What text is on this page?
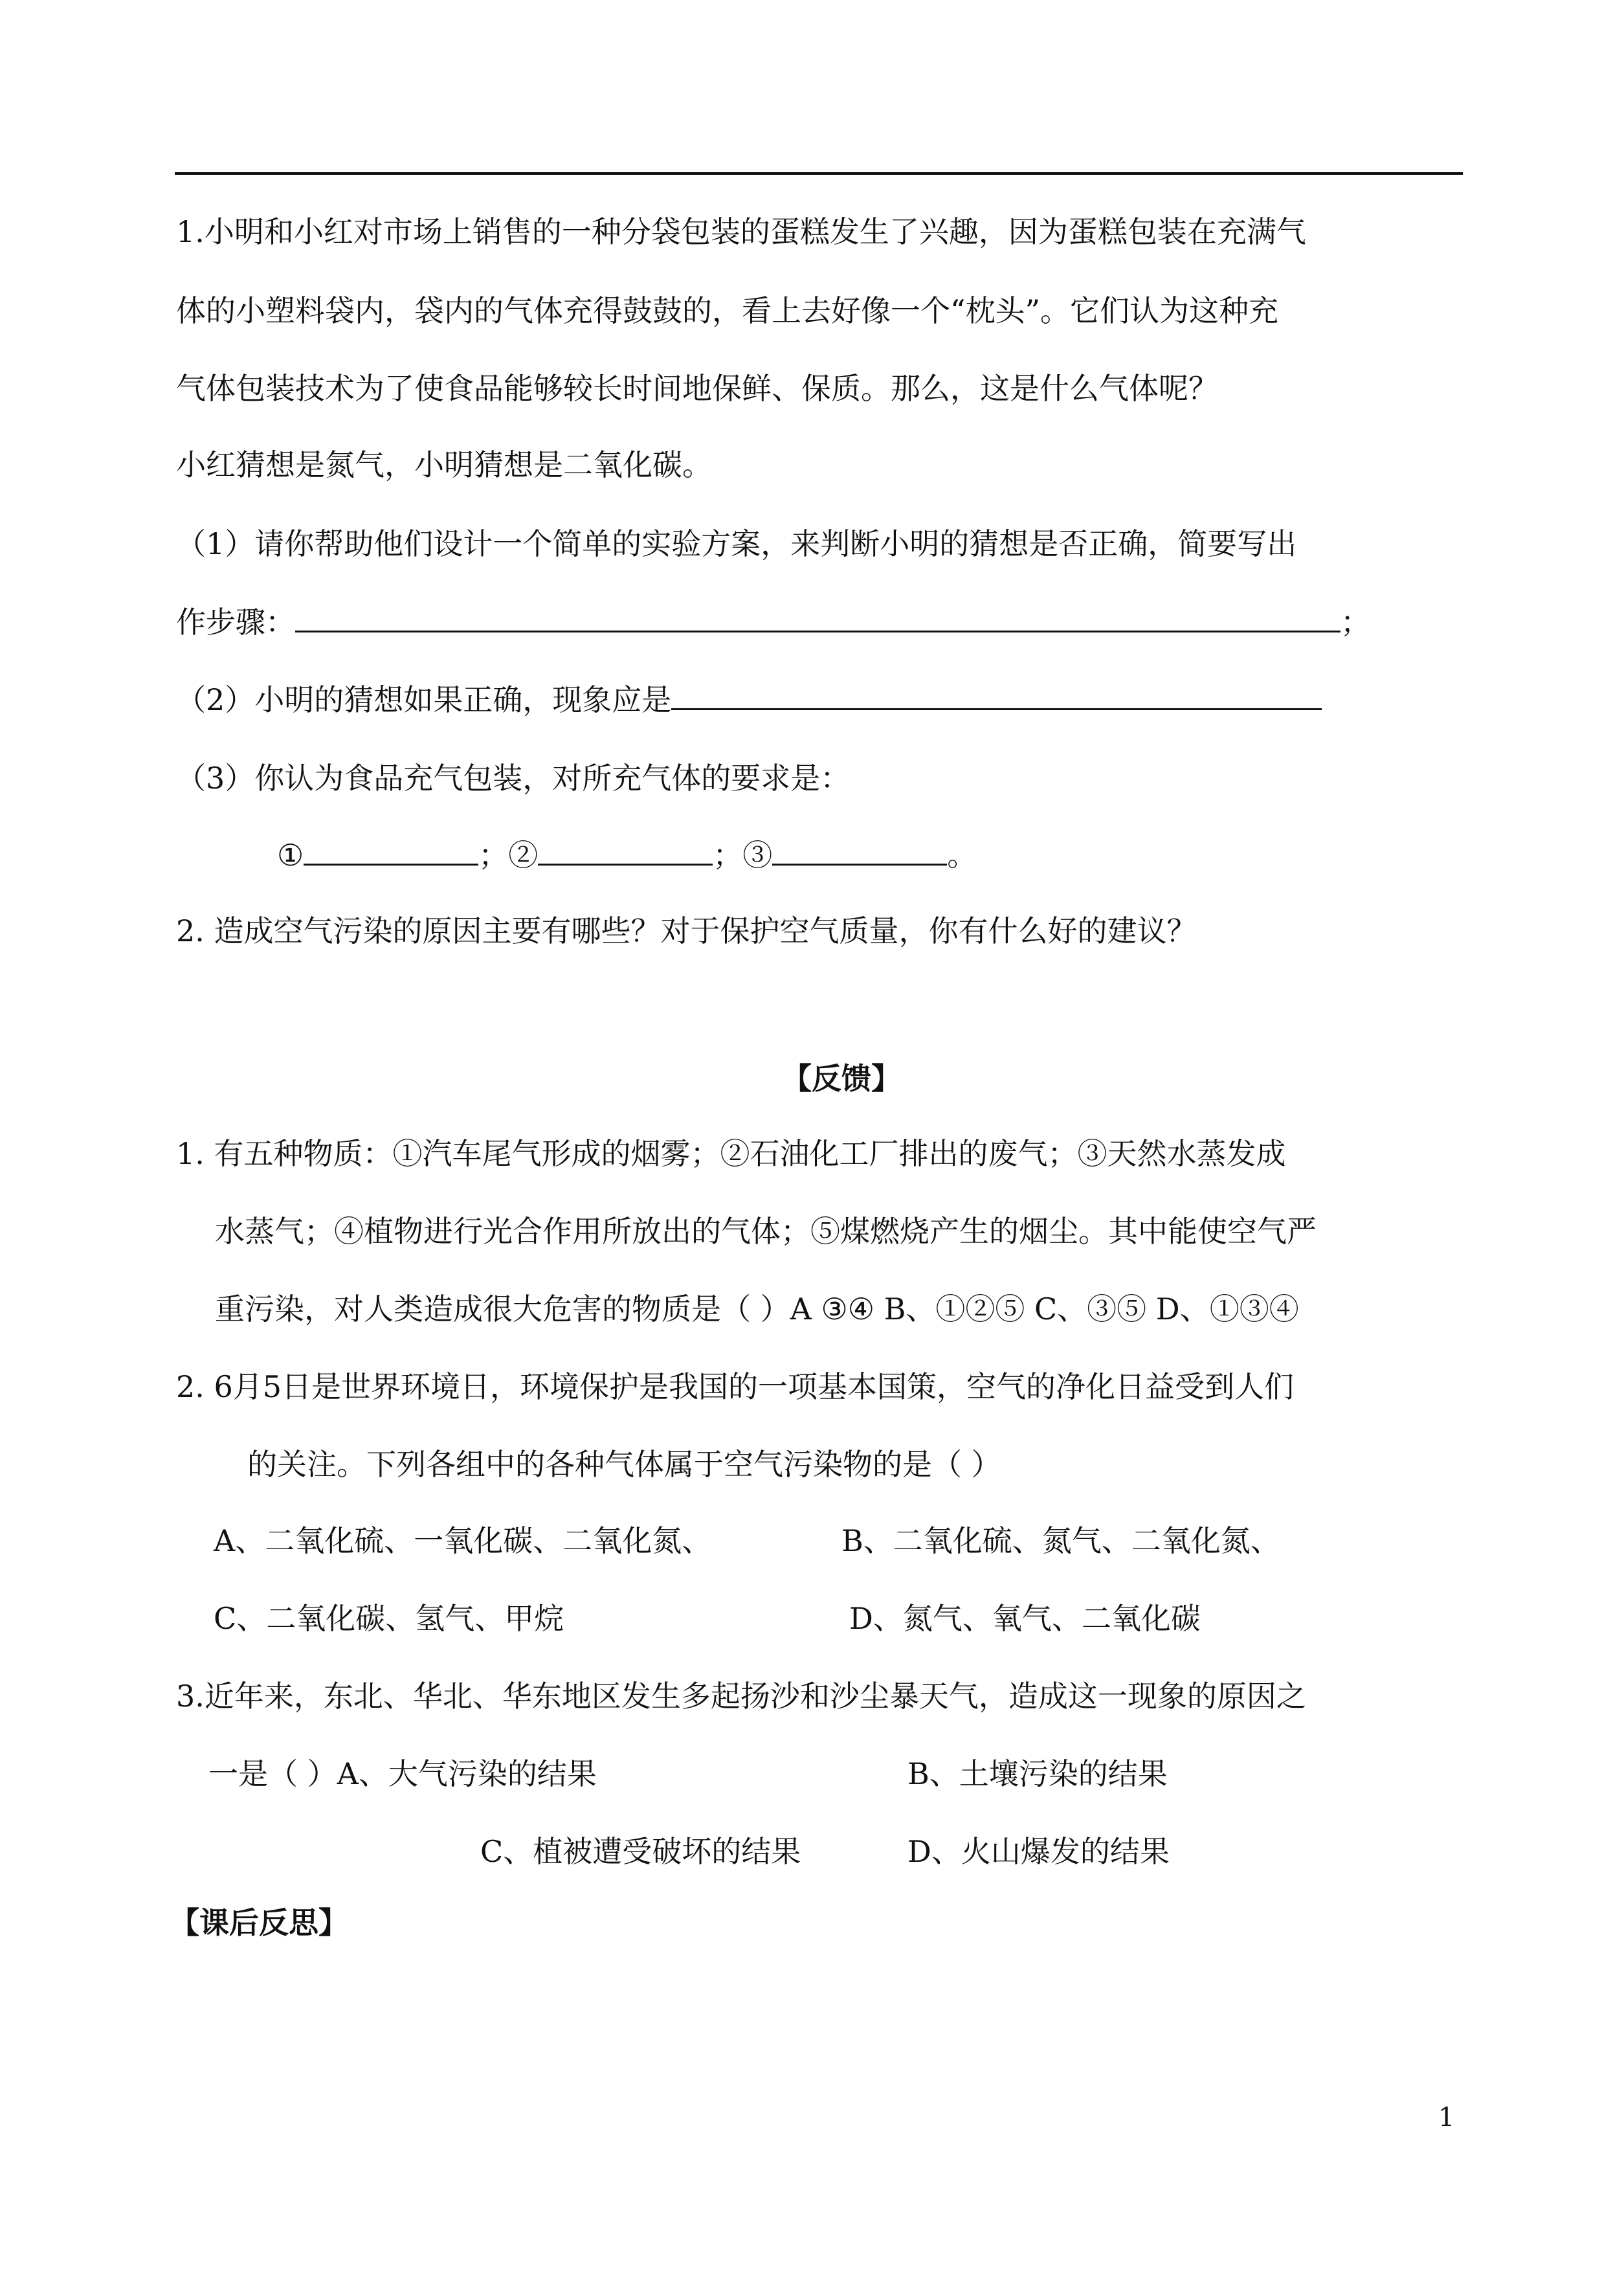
1.小明和小红对市场上销售的一种分袋包装的蛋糕发生了兴趣，因为蛋糕包装在充满气
体的小塑料袋内，袋内的气体充得鼓鼓的，看上去好像一个“枕头”。它们认为这种充
气体包装技术为了使食品能够较长时间地保鲜、保质。那么，这是什么气体呢？
小红猜想是氮气，小明猜想是二氧化碳。
（1）请你帮助他们设计一个简单的实验方案，来判断小明的猜想是否正确，简要写出
作步骤：	；
（2）小明的猜想如果正确，现象应是
（3）你认为食品充气包装，对所充气体的要求是：
①	；②	；③	。
2. 造成空气污染的原因主要有哪些？对于保护空气质量，你有什么好的建议？
【反馈】
1. 有五种物质：①汽车尾气形成的烟雾；②石油化工厂排出的废气；③天然水蒸发成
水蒸气；④植物进行光合作用所放出的气体；⑤煤燃烧产生的烟尘。其中能使空气严
重污染，对人类造成很大危害的物质是（ ）A ③④ B、①②⑤ C、③⑤ D、①③④
2. 6月5日是世界环境日，环境保护是我国的一项基本国策，空气的净化日益受到人们
的关注。下列各组中的各种气体属于空气污染物的是（ ）
A、二氧化硫、一氧化碳、二氧化氮、	B、二氧化硫、氮气、二氧化氮、
C、二氧化碳、氢气、甲烷	D、氮气、氧气、二氧化碳
3.近年来，东北、华北、华东地区发生多起扬沙和沙尘暴天气，造成这一现象的原因之
一是（ ）A、大气污染的结果	B、土壤污染的结果
C、植被遭受破坏的结果	D、火山爆发的结果
【课后反思】
1
